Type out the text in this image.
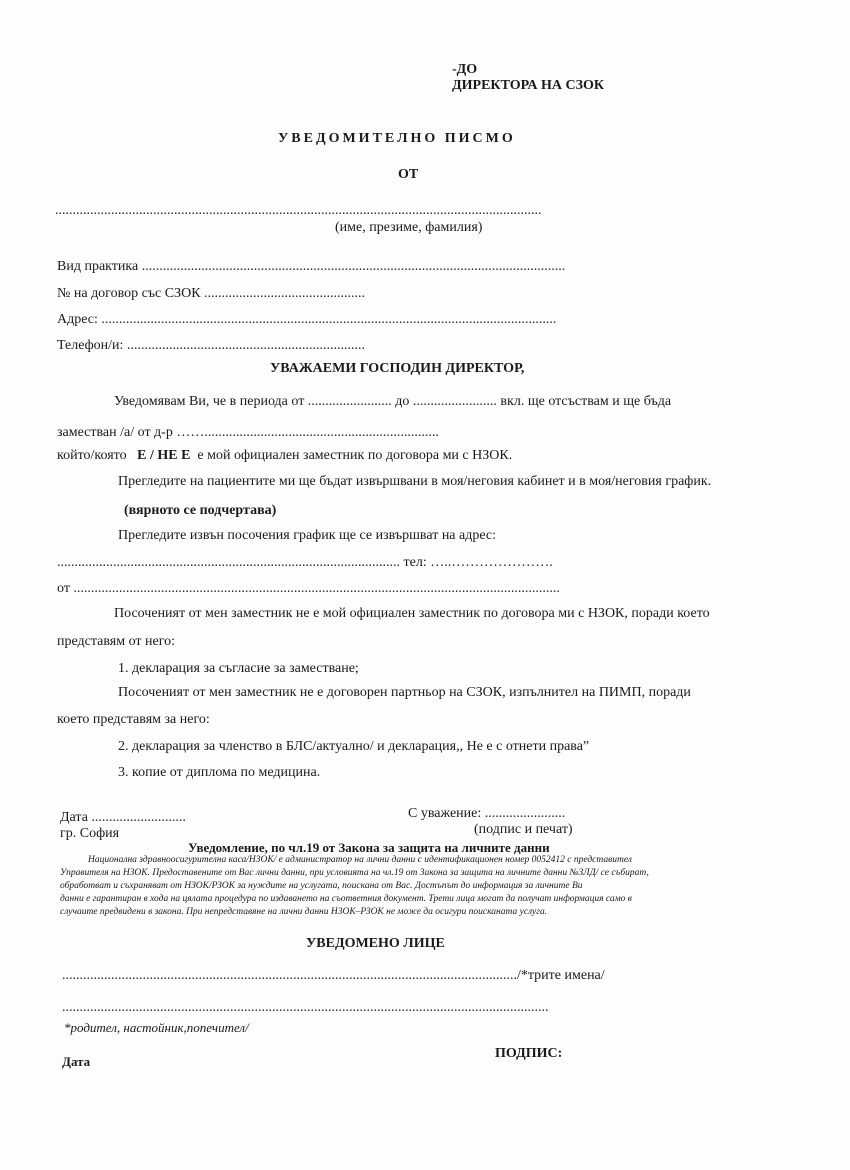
-ДО
ДИРЕКТОРА НА СЗОК
УВЕДОМИТЕЛНО ПИСМО
ОТ
...........................................................................................................................................
(име, презиме, фамилия)
Вид практика .........................................................................................................................
№ на договор със СЗОК ..............................................
Адрес: ..................................................................................................................................
Телефон/и: ....................................................................
УВАЖАЕМИ ГОСПОДИН ДИРЕКТОР,
Уведомявам Ви, че в периода от ........................ до ........................ вкл. ще отсъствам и ще бъда
заместван /а/ от д-р ……...................................................................
който/която Е / НЕ Е е мой официален заместник по договора ми с НЗОК.
Прегледите на пациентите ми ще бъдат извършвани в моя/неговия кабинет и в моя/неговия график.
(вярното се подчертава)
Прегледите извън посочения график ще се извършват на адрес:
.................................................................................................. тел: …..………………….
от ...........................................................................................................................................
Посоченият от мен заместник не е мой официален заместник по договора ми с НЗОК, поради което
представям от него:
1. декларация за съгласие за заместване;
Посоченият от мен заместник не е договорен партньор на СЗОК, изпълнител на ПИМП, поради
което представям за него:
2. декларация за членство в БЛС/актуално/ и декларация,, Не е с отнети права”
3. копие от диплома по медицина.
Дата ...........................	С уважение: .......................
гр. София	(подпис и печат)
Уведомление, по чл.19 от Закона за защита на личните данни
Национална здравноосигурителна каса/НЗОК/ е администратор на лични данни с идентификационен номер 0052412 с представител
Управителя на НЗОК. Предоставените от Вас лични данни, при условията на чл.19 от Закона за защита на личните данни №ЗЛД/ се събират,
обработват и съхраняват от НЗОК/РЗОК за нуждите на услугата, поискана от Вас. Достъпът до информация за личните Ви
данни е гарантиран в хода на цялата процедура по издаването на съответния документ. Трети лица могат да получат информация само в
случаите предвидени в закона. При непредставяне на лични данни НЗОК–РЗОК не може да осигури поисканата услуга.
УВЕДОМЕНО ЛИЦЕ
................................................................................................................................../*трите имена/
...........................................................................................................................................
*родител, настойник,попечител/
Дата
ПОДПИС:
